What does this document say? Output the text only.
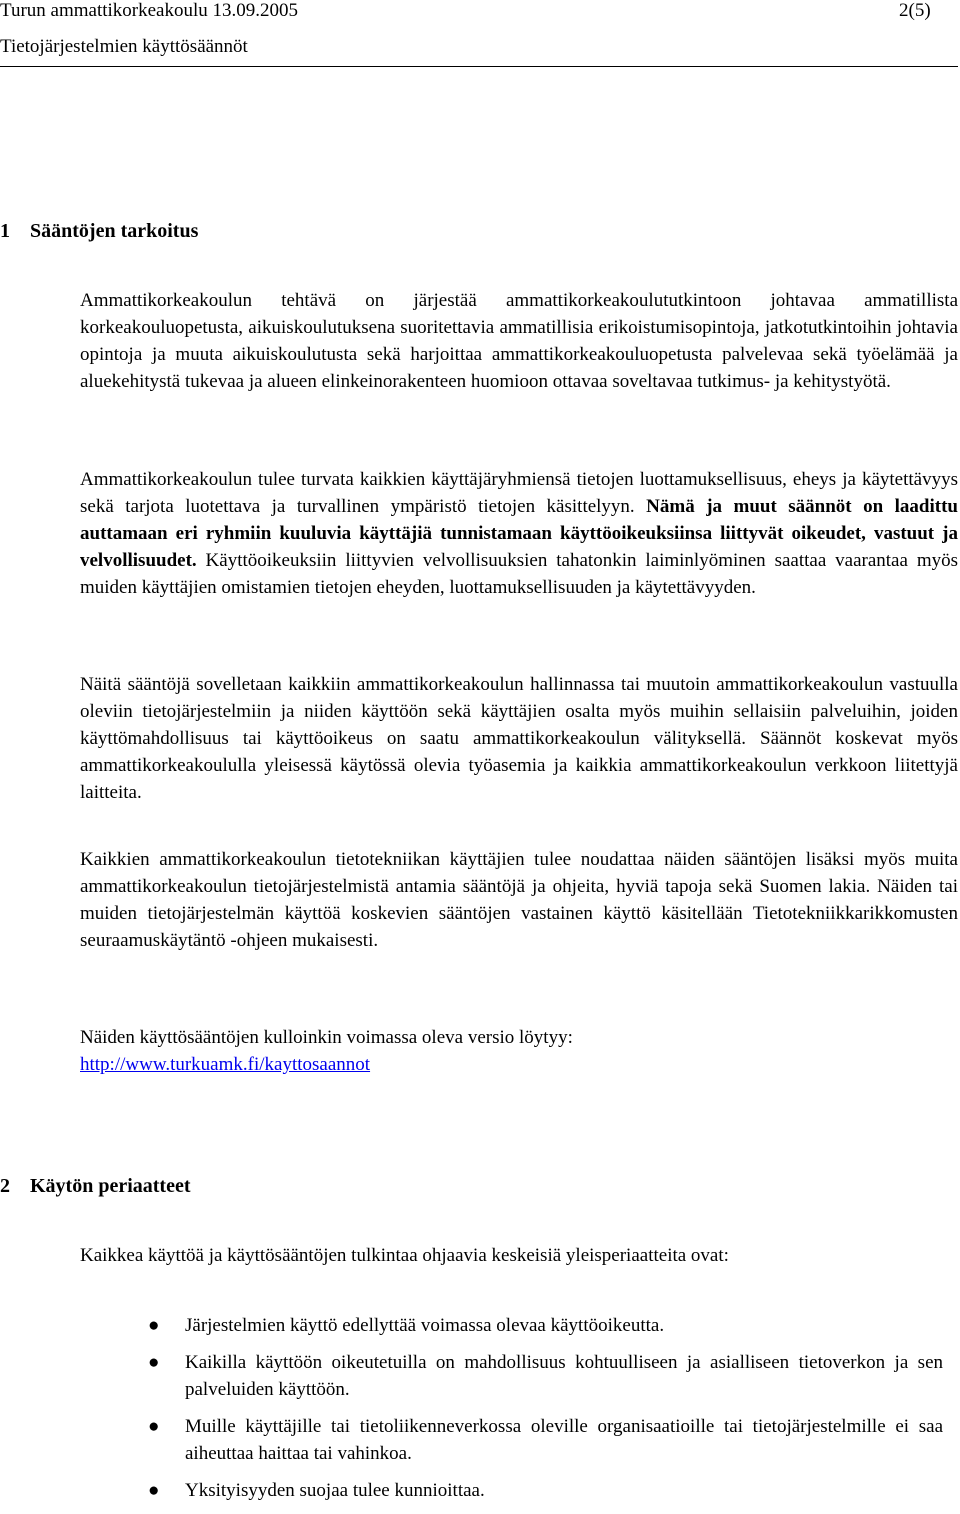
Turun ammattikorkeakoulu 13.09.2005	2(5)
Tietojärjestelmien käyttösäännöt
1 Sääntöjen tarkoitus
Ammattikorkeakoulun tehtävä on järjestää ammattikorkeakoulututkintoon johtavaa ammatillista korkeakouluopetusta, aikuiskoulutuksena suoritettavia ammatillisia erikoistumisopintoja, jatkotutkintoihin johtavia opintoja ja muuta aikuiskoulutusta sekä harjoittaa ammattikorkeakouluopetusta palvelevaa sekä työelämää ja aluekehitystä tukevaa ja alueen elinkeinorakenteen huomioon ottavaa soveltavaa tutkimus- ja kehitystyötä.
Ammattikorkeakoulun tulee turvata kaikkien käyttäjäryhmiensä tietojen luottamuksellisuus, eheys ja käytettävyys sekä tarjota luotettava ja turvallinen ympäristö tietojen käsittelyyn. Nämä ja muut säännöt on laadittu auttamaan eri ryhmiin kuuluvia käyttäjiä tunnistamaan käyttöoikeuksiinsa liittyvät oikeudet, vastuut ja velvollisuudet. Käyttöoikeuksiin liittyvien velvollisuuksien tahatonkin laiminlyöminen saattaa vaarantaa myös muiden käyttäjien omistamien tietojen eheyden, luottamuksellisuuden ja käytettävyyden.
Näitä sääntöjä sovelletaan kaikkiin ammattikorkeakoulun hallinnassa tai muutoin ammattikorkeakoulun vastuulla oleviin tietojärjestelmiin ja niiden käyttöön sekä käyttäjien osalta myös muihin sellaisiin palveluihin, joiden käyttömahdollisuus tai käyttöoikeus on saatu ammattikorkeakoulun välityksellä. Säännöt koskevat myös ammattikorkeakoululla yleisessä käytössä olevia työasemia ja kaikkia ammattikorkeakoulun verkkoon liitettyjä laitteita.
Kaikkien ammattikorkeakoulun tietotekniikan käyttäjien tulee noudattaa näiden sääntöjen lisäksi myös muita ammattikorkeakoulun tietojärjestelmistä antamia sääntöjä ja ohjeita, hyviä tapoja sekä Suomen lakia. Näiden tai muiden tietojärjestelmän käyttöä koskevien sääntöjen vastainen käyttö käsitellään Tietotekniikkarikkomusten seuraamuskäytäntö -ohjeen mukaisesti.
Näiden käyttösääntöjen kulloinkin voimassa oleva versio löytyy:
http://www.turkuamk.fi/kayttosaannot
2 Käytön periaatteet
Kaikkea käyttöä ja käyttösääntöjen tulkintaa ohjaavia keskeisiä yleisperiaatteita ovat:
● Järjestelmien käyttö edellyttää voimassa olevaa käyttöoikeutta.
● Kaikilla käyttöön oikeutetuilla on mahdollisuus kohtuulliseen ja asialliseen tietoverkon ja sen palveluiden käyttöön.
● Muille käyttäjille tai tietoliikenneverkossa oleville organisaatioille tai tietojärjestelmille ei saa aiheuttaa haittaa tai vahinkoa.
● Yksityisyyden suojaa tulee kunnioittaa.
